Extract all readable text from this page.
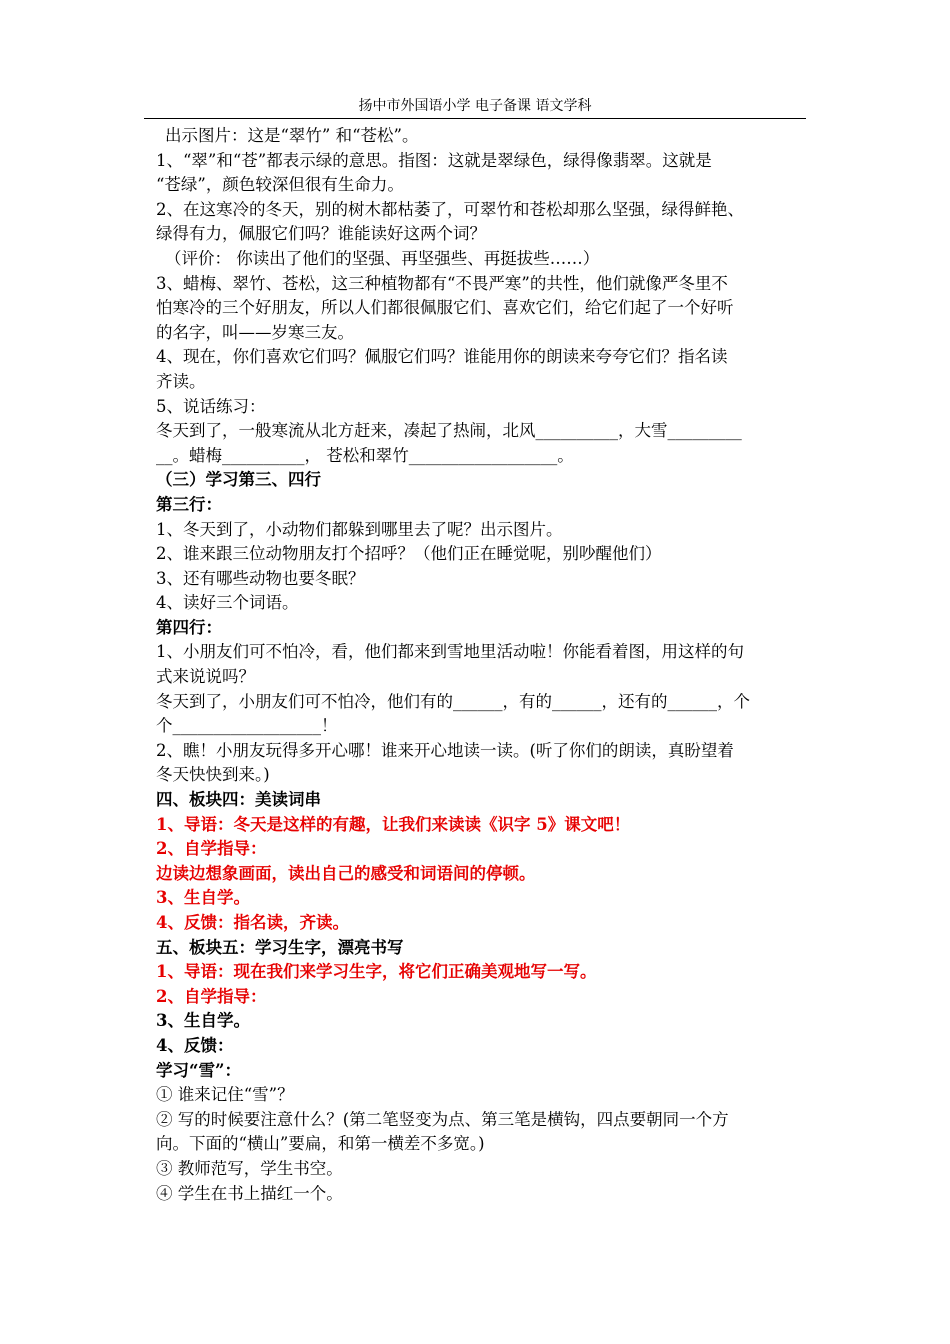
扬中市外国语小学 电子备课 语文学科
出示图片：这是“翠竹” 和“苍松”。
1、“翠”和“苍”都表示绿的意思。指图：这就是翠绿色，绿得像翡翠。这就是
“苍绿”，颜色较深但很有生命力。
2、在这寒冷的冬天，别的树木都枯萎了，可翠竹和苍松却那么坚强，绿得鲜艳、
绿得有力，佩服它们吗？谁能读好这两个词？
（评价： 你读出了他们的坚强、再坚强些、再挺拔些……）
3、蜡梅、翠竹、苍松，这三种植物都有“不畏严寒”的共性，他们就像严冬里不
怕寒冷的三个好朋友，所以人们都很佩服它们、喜欢它们，给它们起了一个好听
的名字，叫——岁寒三友。
4、现在，你们喜欢它们吗？佩服它们吗？谁能用你的朗读来夸夸它们？指名读
齐读。
5、说话练习：
冬天到了，一般寒流从北方赶来，凑起了热闹，北风__________，大雪_________
__。蜡梅__________， 苍松和翠竹__________________。
（三）学习第三、四行
第三行：
1、冬天到了，小动物们都躲到哪里去了呢？出示图片。
2、谁来跟三位动物朋友打个招呼？（他们正在睡觉呢，别吵醒他们）
3、还有哪些动物也要冬眠？
4、读好三个词语。
第四行：
1、小朋友们可不怕冷，看，他们都来到雪地里活动啦！你能看着图，用这样的句
式来说说吗？
冬天到了，小朋友们可不怕冷，他们有的______，有的______，还有的______，个
个__________________！
2、瞧！小朋友玩得多开心哪！谁来开心地读一读。(听了你们的朗读，真盼望着
冬天快快到来。)
四、板块四：美读词串
1、导语：冬天是这样的有趣，让我们来读读《识字 5》课文吧！
2、自学指导：
边读边想象画面，读出自己的感受和词语间的停顿。
3、生自学。
4、反馈：指名读，齐读。
五、板块五：学习生字，漂亮书写
1、导语：现在我们来学习生字，将它们正确美观地写一写。
2、自学指导：
3、生自学。
4、反馈：
学习“雪”：
① 谁来记住“雪”？
② 写的时候要注意什么？(第二笔竖变为点、第三笔是横钩，四点要朝同一个方
向。下面的“横山”要扁，和第一横差不多宽。)
③ 教师范写，学生书空。
④ 学生在书上描红一个。
